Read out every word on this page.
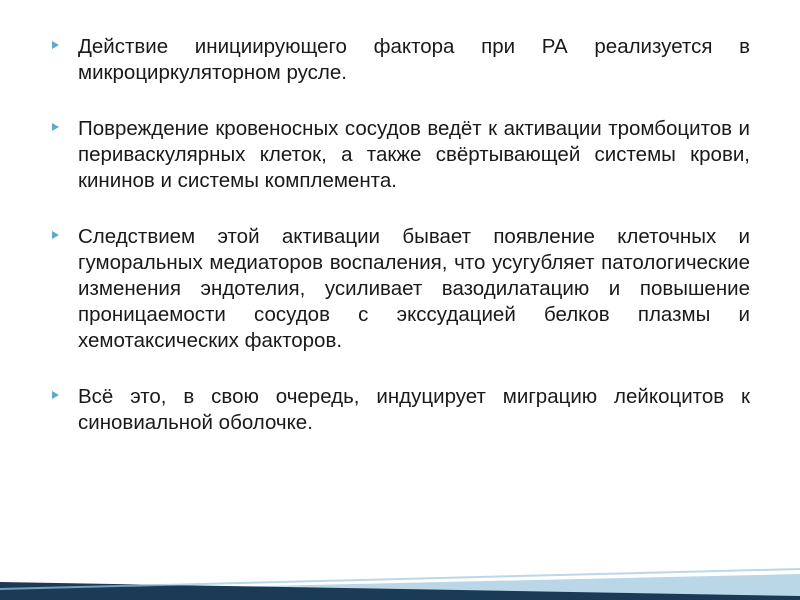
Действие инициирующего фактора при РА реализуется в микроциркуляторном русле.

Повреждение кровеносных сосудов ведёт к активации тромбоцитов и периваскулярных клеток, а также свёртывающей системы крови, кининов и системы комплемента.

Следствием этой активации бывает появление клеточных и гуморальных медиаторов воспаления, что усугубляет патологические изменения эндотелия, усиливает вазодилатацию и повышение проницаемости сосудов с экссудацией белков плазмы и хемотаксических факторов.

Всё это, в свою очередь, индуцирует миграцию лейкоцитов к синовиальной оболочке.
